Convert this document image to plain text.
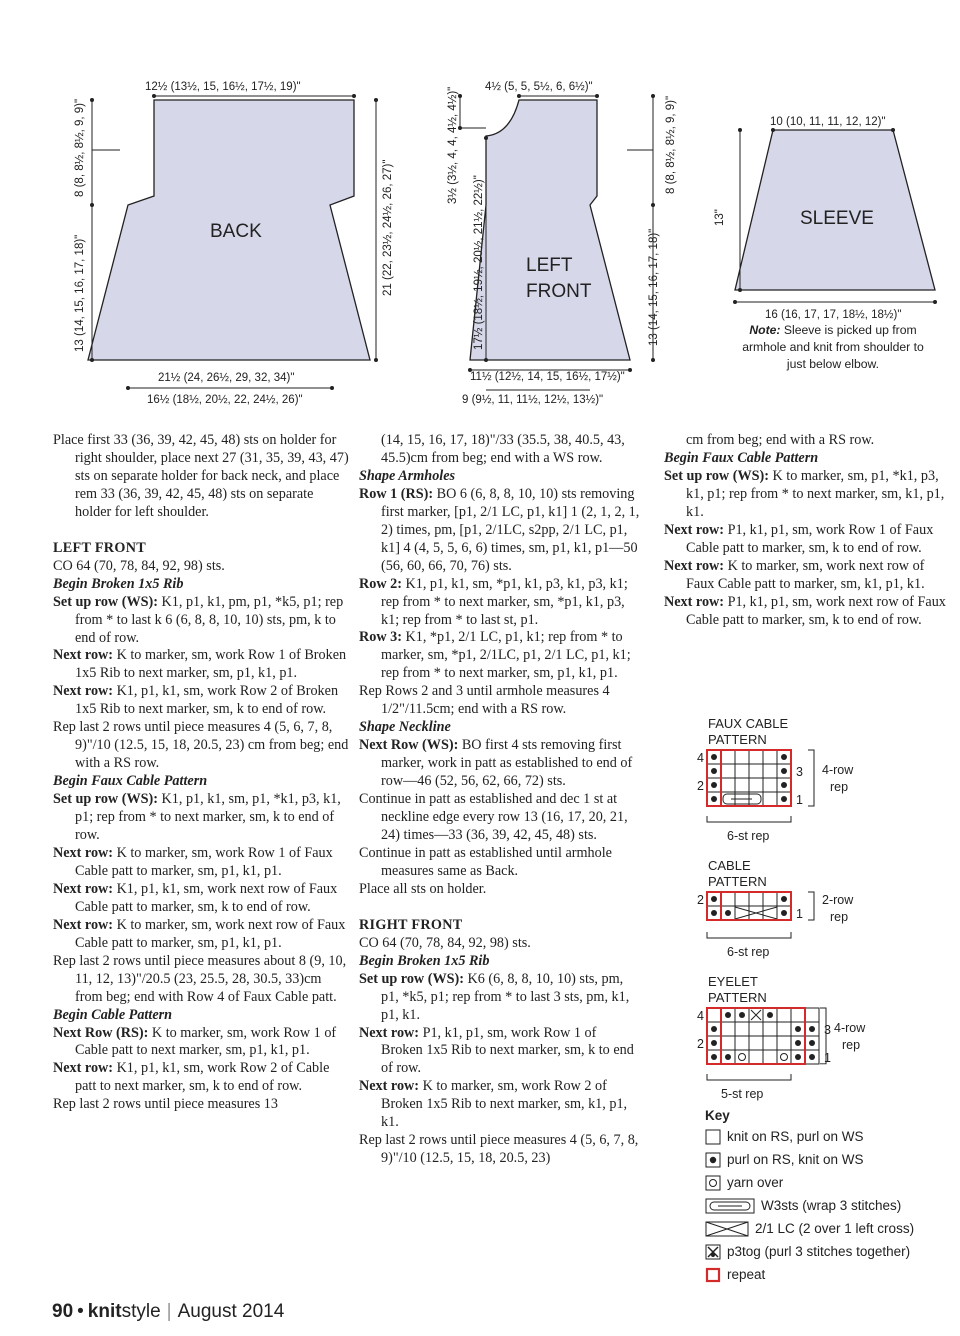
BACK
12½ (13½, 15, 16½, 17½, 19)"
8 (8, 8½, 8½, 9, 9)"
13 (14, 15, 16, 17, 18)"	21 (22, 23½, 24½, 26, 27)"
21½ (24, 26½, 29, 32, 34)"
16½ (18½, 20½, 22, 24½, 26)"
LEFT
FRONT
4½ (5, 5, 5½, 6, 6½)"
3½ (3½, 4, 4, 4½, 4½)"
17½ (18½, 19½, 20½, 21½, 22½)"
8 (8, 8½, 8½, 9, 9)"
13 (14, 15, 16, 17, 18)"
11½ (12½, 14, 15, 16½, 17½)"
9 (9½, 11, 11½, 12½, 13½)"
SLEEVE
10 (10, 11, 11, 12, 12)"
13"
16 (16, 17, 17, 18½, 18½)"
Note: Sleeve is picked up from armhole and knit from shoulder to just below elbow.

Place first 33 (36, 39, 42, 45, 48) sts on holder for right shoulder, place next 27 (31, 35, 39, 43, 47) sts on separate holder for back neck, and place rem 33 (36, 39, 42, 45, 48) sts on separate holder for left shoulder.

LEFT FRONT

CO 64 (70, 78, 84, 92, 98) sts.

Begin Broken 1x5 Rib

Set up row (WS): K1, p1, k1, pm, p1, *k5, p1; rep from * to last k 6 (6, 8, 8, 10, 10) sts, pm, k to end of row.

Next row: K to marker, sm, work Row 1 of Broken 1x5 Rib to next marker, sm, p1, k1, p1.

Next row: K1, p1, k1, sm, work Row 2 of Broken 1x5 Rib to next marker, sm, k to end of row.

Rep last 2 rows until piece measures 4 (5, 6, 7, 8, 9)"/10 (12.5, 15, 18, 20.5, 23) cm from beg; end with a RS row.

Begin Faux Cable Pattern

Set up row (WS): K1, p1, k1, sm, p1, *k1, p3, k1, p1; rep from * to next marker, sm, k to end of row.

Next row: K to marker, sm, work Row 1 of Faux Cable patt to marker, sm, p1, k1, p1.

Next row: K1, p1, k1, sm, work next row of Faux Cable patt to marker, sm, k to end of row.

Next row: K to marker, sm, work next row of Faux Cable patt to marker, sm, p1, k1, p1.

Rep last 2 rows until piece measures about 8 (9, 10, 11, 12, 13)"/20.5 (23, 25.5, 28, 30.5, 33)cm from beg; end with Row 4 of Faux Cable patt.

Begin Cable Pattern

Next Row (RS): K to marker, sm, work Row 1 of Cable patt to next marker, sm, p1, k1, p1.

Next row: K1, p1, k1, sm, work Row 2 of Cable patt to next marker, sm, k to end of row.

Rep last 2 rows until piece measures 13

(14, 15, 16, 17, 18)"/33 (35.5, 38, 40.5, 43, 45.5)cm from beg; end with a WS row.

Shape Armholes

Row 1 (RS): BO 6 (6, 8, 8, 10, 10) sts removing first marker, [p1, 2/1 LC, p1, k1] 1 (2, 1, 2, 1, 2) times, pm, [p1, 2/1LC, s2pp, 2/1 LC, p1, k1] 4 (4, 5, 5, 6, 6) times, sm, p1, k1, p1—50 (56, 60, 66, 70, 76) sts.

Row 2: K1, p1, k1, sm, *p1, k1, p3, k1, p3, k1; rep from * to next marker, sm, *p1, k1, p3, k1; rep from * to last st, p1.

Row 3: K1, *p1, 2/1 LC, p1, k1; rep from * to marker, sm, *p1, 2/1LC, p1, 2/1 LC, p1, k1; rep from * to next marker, sm, p1, k1, p1.

Rep Rows 2 and 3 until armhole measures 4 1/2"/11.5cm; end with a RS row.

Shape Neckline

Next Row (WS): BO first 4 sts removing first marker, work in patt as established to end of row—46 (52, 56, 62, 66, 72) sts.

Continue in patt as established and dec 1 st at neckline edge every row 13 (16, 17, 20, 21, 24) times—33 (36, 39, 42, 45, 48) sts.

Continue in patt as established until armhole measures same as Back.

Place all sts on holder.

RIGHT FRONT

CO 64 (70, 78, 84, 92, 98) sts.

Begin Broken 1x5 Rib

Set up row (WS): K6 (6, 8, 8, 10, 10) sts, pm, p1, *k5, p1; rep from * to last 3 sts, pm, k1, p1, k1.

Next row: P1, k1, p1, sm, work Row 1 of Broken 1x5 Rib to next marker, sm, k to end of row.

Next row: K to marker, sm, work Row 2 of Broken 1x5 Rib to next marker, sm, k1, p1, k1.

Rep last 2 rows until piece measures 4 (5, 6, 7, 8, 9)"/10 (12.5, 15, 18, 20.5, 23)

cm from beg; end with a RS row.

Begin Faux Cable Pattern

Set up row (WS): K to marker, sm, p1, *k1, p3, k1, p1; rep from * to next marker, sm, k1, p1, k1.

Next row: P1, k1, p1, sm, work Row 1 of Faux Cable patt to marker, sm, k to end of row.

Next row: K to marker, sm, work next row of Faux Cable patt to marker, sm, k1, p1, k1.

Next row: P1, k1, p1, sm, work next row of Faux Cable patt to marker, sm, k to end of row.

FAUX CABLE
PATTERN
4
2
3
1
4-row
rep
6-st rep
CABLE
PATTERN
2
1
2-row
rep
6-st rep
EYELET
PATTERN
4
2
3
1
4-row
rep
5-st rep
Key
knit on RS, purl on WS
purl on RS, knit on WS
yarn over
W3sts (wrap 3 stitches)
2/1 LC (2 over 1 left cross)
p3tog (purl 3 stitches together)
repeat
90 • knitstyle | August 2014
